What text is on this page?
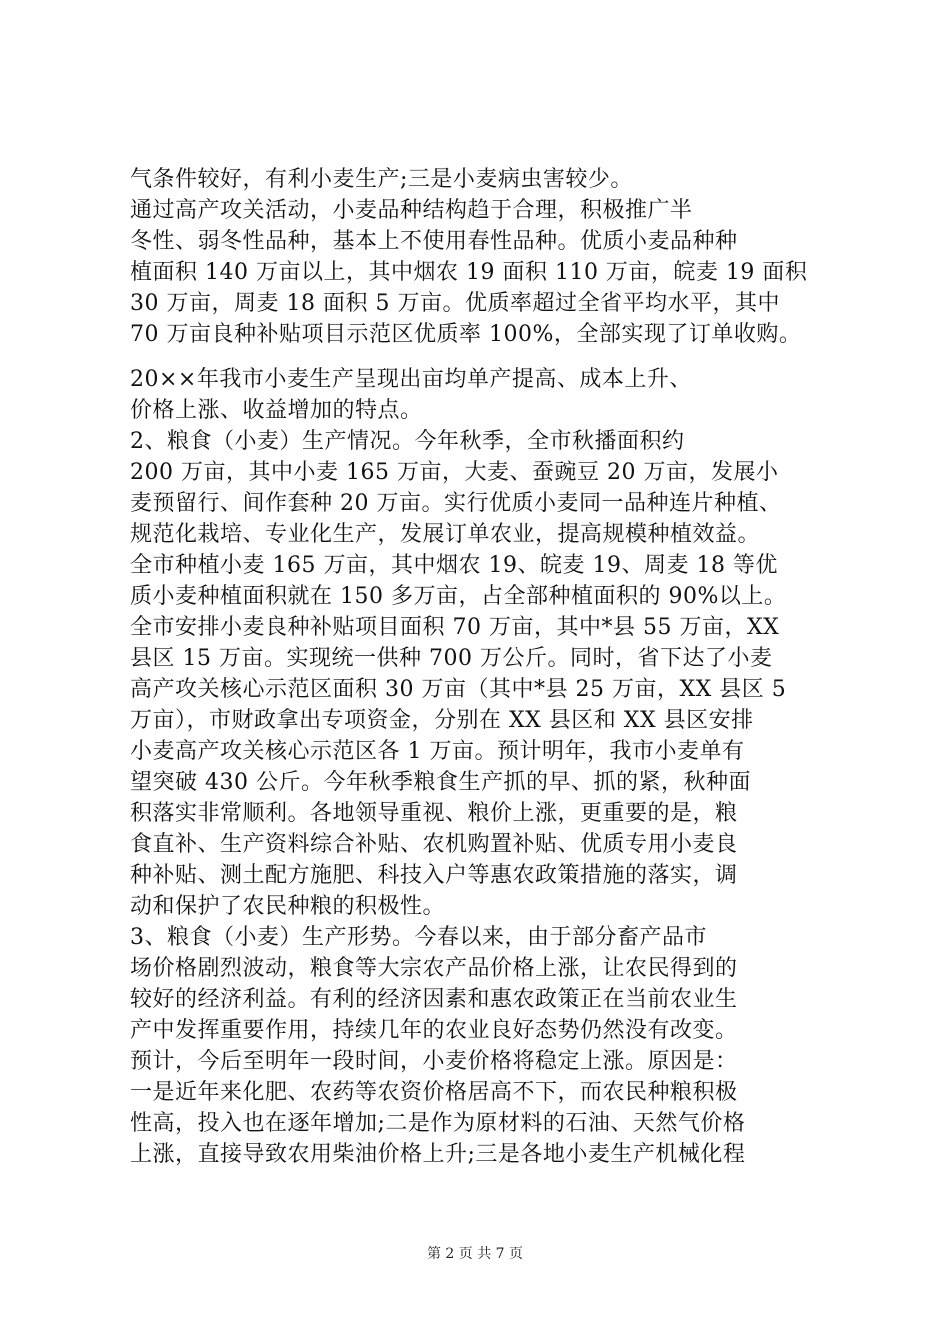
气条件较好，有利小麦生产;三是小麦病虫害较少。
通过高产攻关活动，小麦品种结构趋于合理，积极推广半
冬性、弱冬性品种，基本上不使用春性品种。优质小麦品种种
植面积 140 万亩以上，其中烟农 19 面积 110 万亩，皖麦 19 面积
30 万亩，周麦 18 面积 5 万亩。优质率超过全省平均水平，其中
70 万亩良种补贴项目示范区优质率 100%，全部实现了订单收购。
20××年我市小麦生产呈现出亩均单产提高、成本上升、
价格上涨、收益增加的特点。
2、粮食（小麦）生产情况。今年秋季，全市秋播面积约
200 万亩，其中小麦 165 万亩，大麦、蚕豌豆 20 万亩，发展小
麦预留行、间作套种 20 万亩。实行优质小麦同一品种连片种植、
规范化栽培、专业化生产，发展订单农业，提高规模种植效益。
全市种植小麦 165 万亩，其中烟农 19、皖麦 19、周麦 18 等优
质小麦种植面积就在 150 多万亩，占全部种植面积的 90%以上。
全市安排小麦良种补贴项目面积 70 万亩，其中*县 55 万亩，XX
县区 15 万亩。实现统一供种 700 万公斤。同时，省下达了小麦
高产攻关核心示范区面积 30 万亩（其中*县 25 万亩，XX 县区 5
万亩），市财政拿出专项资金，分别在 XX 县区和 XX 县区安排
小麦高产攻关核心示范区各 1 万亩。预计明年，我市小麦单有
望突破 430 公斤。今年秋季粮食生产抓的早、抓的紧，秋种面
积落实非常顺利。各地领导重视、粮价上涨，更重要的是，粮
食直补、生产资料综合补贴、农机购置补贴、优质专用小麦良
种补贴、测土配方施肥、科技入户等惠农政策措施的落实，调
动和保护了农民种粮的积极性。
3、粮食（小麦）生产形势。今春以来，由于部分畜产品市
场价格剧烈波动，粮食等大宗农产品价格上涨，让农民得到的
较好的经济利益。有利的经济因素和惠农政策正在当前农业生
产中发挥重要作用，持续几年的农业良好态势仍然没有改变。
预计，今后至明年一段时间，小麦价格将稳定上涨。原因是：
一是近年来化肥、农药等农资价格居高不下，而农民种粮积极
性高，投入也在逐年增加;二是作为原材料的石油、天然气价格
上涨，直接导致农用柴油价格上升;三是各地小麦生产机械化程
第 2 页 共 7 页
